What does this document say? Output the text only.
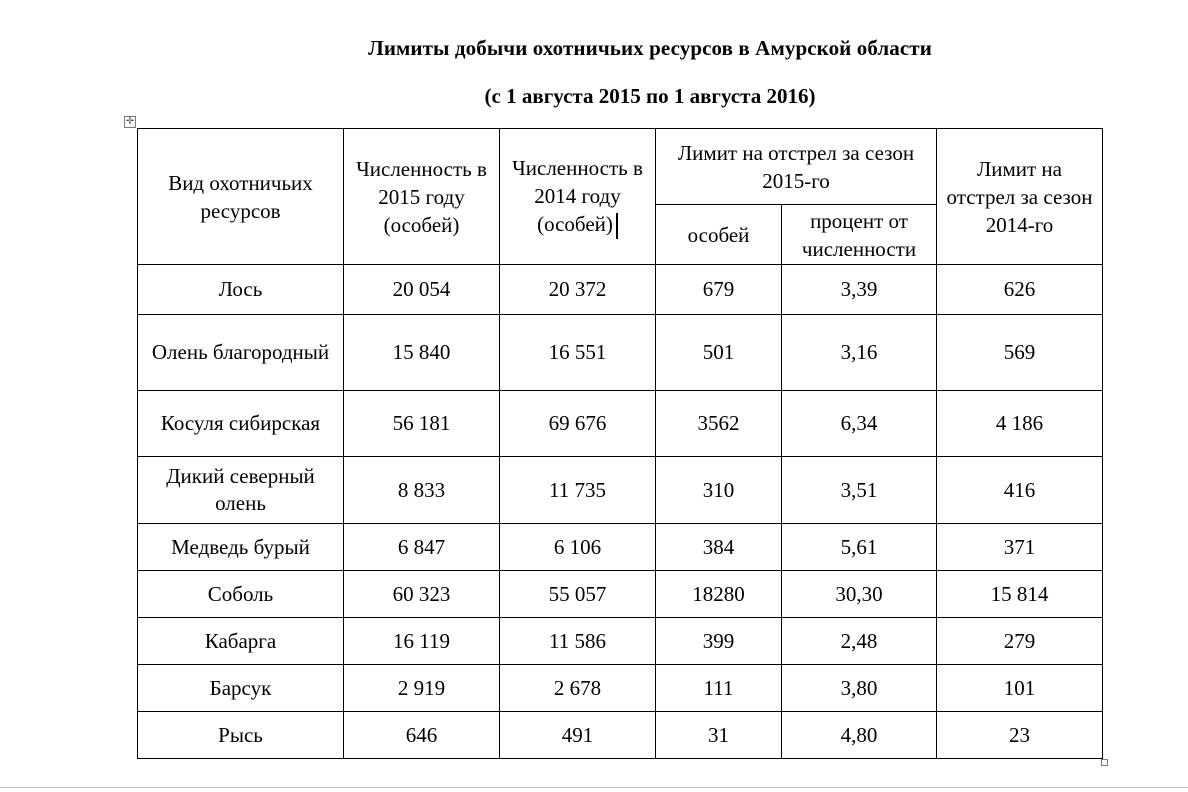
Лимиты добычи охотничьих ресурсов в Амурской области
(с 1 августа 2015 по 1 августа 2016)
✛
Вид охотничьих ресурсов	Численность в 2015 году (особей)	Численность в 2014 году (особей)	Лимит на отстрел за сезон 2015-го		Лимит на отстрел за сезон 2014-го
			особей	процент от численности	
Лось	20 054	20 372	679	3,39	626
Олень благородный	15 840	16 551	501	3,16	569
Косуля сибирская	56 181	69 676	3562	6,34	4 186
Дикий северный олень	8 833	11 735	310	3,51	416
Медведь бурый	6 847	6 106	384	5,61	371
Соболь	60 323	55 057	18280	30,30	15 814
Кабарга	16 119	11 586	399	2,48	279
Барсук	2 919	2 678	111	3,80	101
Рысь	646	491	31	4,80	23
